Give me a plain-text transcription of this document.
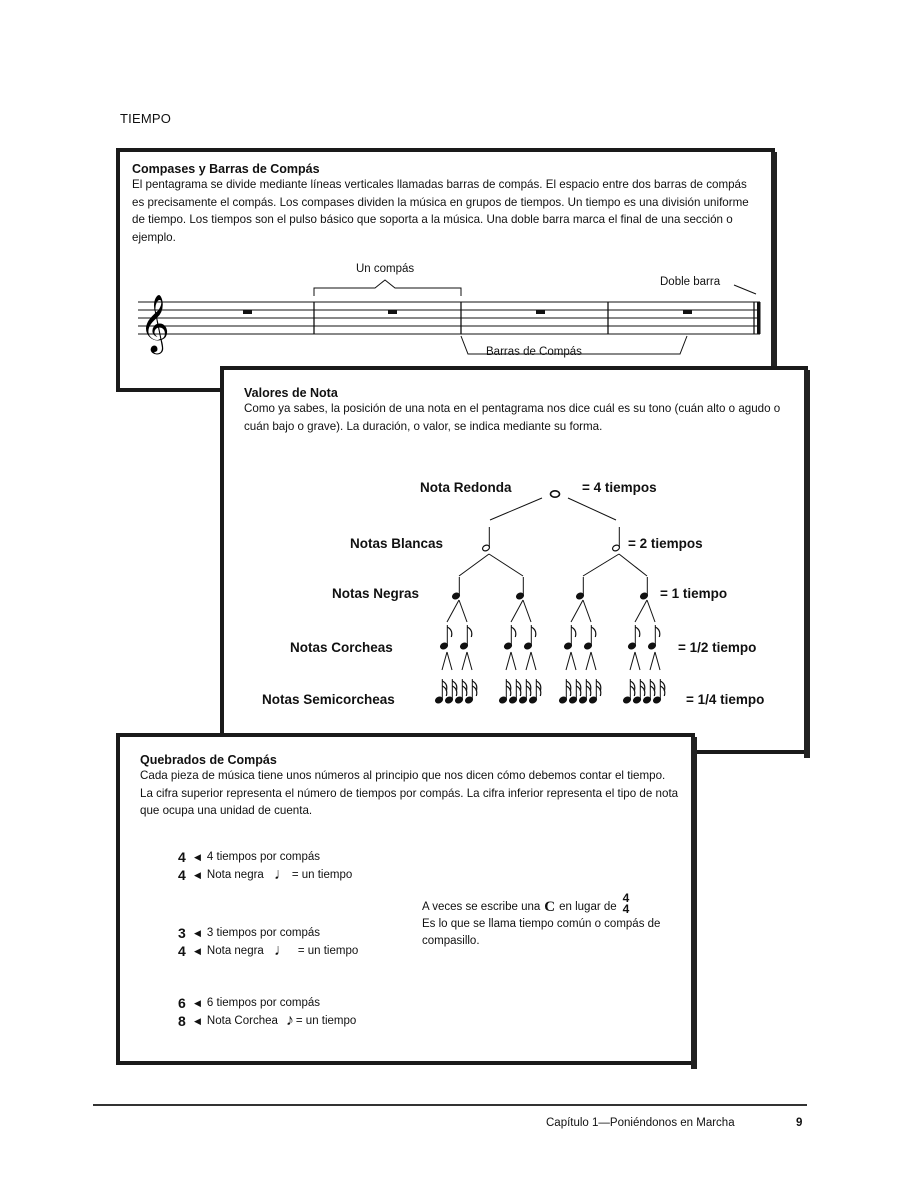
TIEMPO

Compases y Barras de Compás

El pentagrama se divide mediante líneas verticales llamadas barras de compás. El espacio entre dos barras de compás es precisamente el compás. Los compases dividen la música en grupos de tiempos. Un tiempo es una división uniforme de tiempo. Los tiempos son el pulso básico que soporta a la música. Una doble barra marca el final de una sección o ejemplo.

𝄞
Un compás
Doble barra
Barras de Compás

Valores de Nota

Como ya sabes, la posición de una nota en el pentagrama nos dice cuál es su tono (cuán alto o agudo o cuán bajo o grave). La duración, o valor, se indica mediante su forma.

Nota Redonda
Notas Blancas
Notas Negras
Notas Corcheas
Notas Semicorcheas
= 4 tiempos
= 2 tiempos
= 1 tiempo
= 1/2 tiempo
= 1/4 tiempo

Quebrados de Compás

Cada pieza de música tiene unos números al principio que nos dicen cómo debemos contar el tiempo. La cifra superior representa el número de tiempos por compás. La cifra inferior representa el tipo de nota que ocupa una unidad de cuenta.

4 ◀ 4 tiempos por compás
4 ◀ Nota negra ♩ = un tiempo
3 ◀ 3 tiempos por compás
4 ◀ Nota negra ♩ = un tiempo
6 ◀ 6 tiempos por compás
8 ◀ Nota Corchea ♪ = un tiempo
A veces se escribe una C en lugar de
4
4
Es lo que se llama tiempo común o compás de compasillo.
Capítulo 1—Poniéndonos en Marcha	9
